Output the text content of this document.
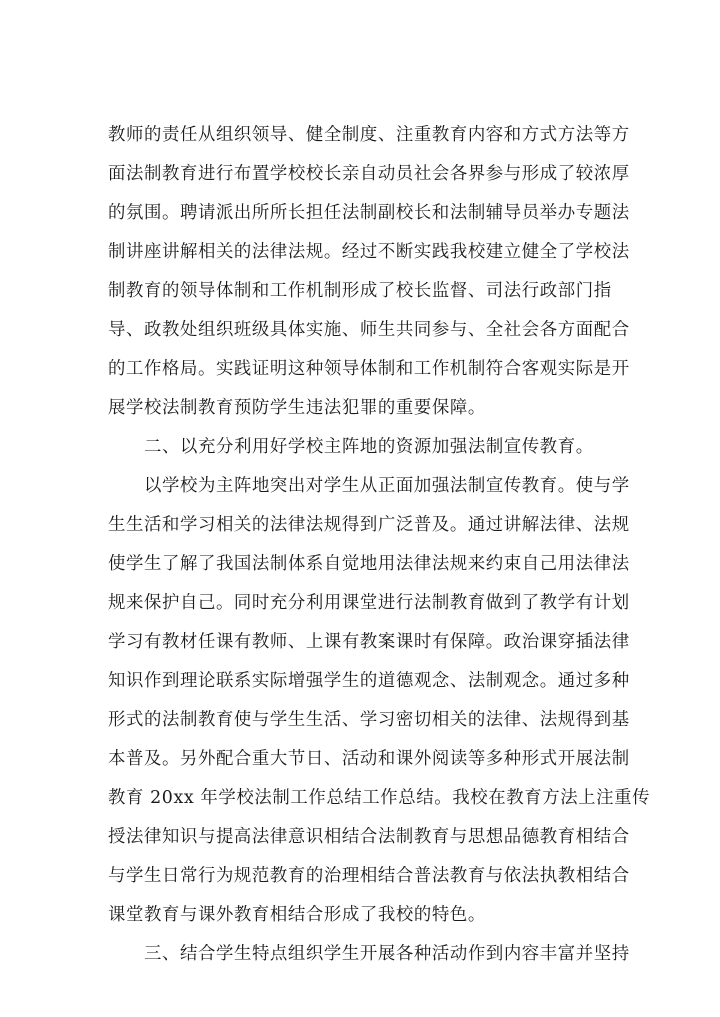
教师的责任从组织领导、健全制度、注重教育内容和方式方法等方
面法制教育进行布置学校校长亲自动员社会各界参与形成了较浓厚
的氛围。聘请派出所所长担任法制副校长和法制辅导员举办专题法
制讲座讲解相关的法律法规。经过不断实践我校建立健全了学校法
制教育的领导体制和工作机制形成了校长监督、司法行政部门指
导、政教处组织班级具体实施、师生共同参与、全社会各方面配合
的工作格局。实践证明这种领导体制和工作机制符合客观实际是开
展学校法制教育预防学生违法犯罪的重要保障。
二、以充分利用好学校主阵地的资源加强法制宣传教育。
以学校为主阵地突出对学生从正面加强法制宣传教育。使与学
生生活和学习相关的法律法规得到广泛普及。通过讲解法律、法规
使学生了解了我国法制体系自觉地用法律法规来约束自己用法律法
规来保护自己。同时充分利用课堂进行法制教育做到了教学有计划
学习有教材任课有教师、上课有教案课时有保障。政治课穿插法律
知识作到理论联系实际增强学生的道德观念、法制观念。通过多种
形式的法制教育使与学生生活、学习密切相关的法律、法规得到基
本普及。另外配合重大节日、活动和课外阅读等多种形式开展法制
教育 20xx 年学校法制工作总结工作总结。我校在教育方法上注重传
授法律知识与提高法律意识相结合法制教育与思想品德教育相结合
与学生日常行为规范教育的治理相结合普法教育与依法执教相结合
课堂教育与课外教育相结合形成了我校的特色。
三、结合学生特点组织学生开展各种活动作到内容丰富并坚持
